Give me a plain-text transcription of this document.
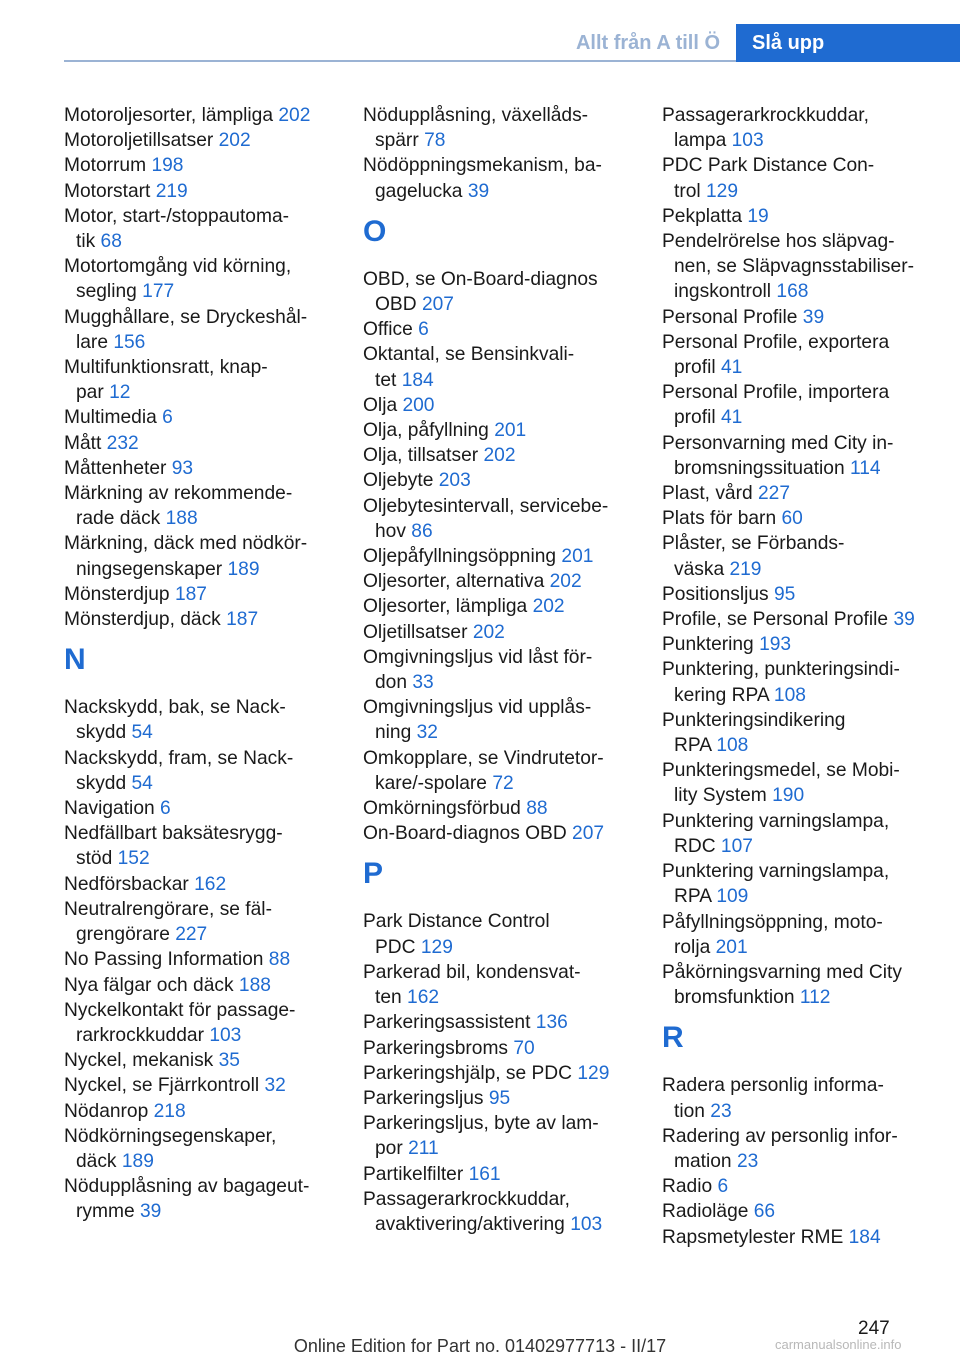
Allt från A till Ö	Slå upp
Motoroljesorter, lämpliga 202
Motoroljetillsatser 202
Motorrum 198
Motorstart 219
Motor, start-/stoppautoma-
tik 68
Motortomgång vid körning,
segling 177
Mugghållare, se Dryckeshål-
lare 156
Multifunktionsratt, knap-
par 12
Multimedia 6
Mått 232
Måttenheter 93
Märkning av rekommende-
rade däck 188
Märkning, däck med nödkör-
ningsegenskaper 189
Mönsterdjup 187
Mönsterdjup, däck 187
N
Nackskydd, bak, se Nack-
skydd 54
Nackskydd, fram, se Nack-
skydd 54
Navigation 6
Nedfällbart baksätesrygg-
stöd 152
Nedförsbackar 162
Neutralrengörare, se fäl-
grengörare 227
No Passing Information 88
Nya fälgar och däck 188
Nyckelkontakt för passage-
rarkrockkuddar 103
Nyckel, mekanisk 35
Nyckel, se Fjärrkontroll 32
Nödanrop 218
Nödkörningsegenskaper,
däck 189
Nödupplåsning av bagageut-
rymme 39
Nödupplåsning, växellåds-
spärr 78
Nödöppningsmekanism, ba-
gagelucka 39
O
OBD, se On-Board-diagnos
OBD 207
Office 6
Oktantal, se Bensinkvali-
tet 184
Olja 200
Olja, påfyllning 201
Olja, tillsatser 202
Oljebyte 203
Oljebytesintervall, servicebe-
hov 86
Oljepåfyllningsöppning 201
Oljesorter, alternativa 202
Oljesorter, lämpliga 202
Oljetillsatser 202
Omgivningsljus vid låst för-
don 33
Omgivningsljus vid upplås-
ning 32
Omkopplare, se Vindrutetor-
kare/-spolare 72
Omkörningsförbud 88
On-Board-diagnos OBD 207
P
Park Distance Control
PDC 129
Parkerad bil, kondensvat-
ten 162
Parkeringsassistent 136
Parkeringsbroms 70
Parkeringshjälp, se PDC 129
Parkeringsljus 95
Parkeringsljus, byte av lam-
por 211
Partikelfilter 161
Passagerarkrockkuddar,
avaktivering/aktivering 103
Passagerarkrockkuddar,
lampa 103
PDC Park Distance Con-
trol 129
Pekplatta 19
Pendelrörelse hos släpvag-
nen, se Släpvagnsstabiliser-
ingskontroll 168
Personal Profile 39
Personal Profile, exportera
profil 41
Personal Profile, importera
profil 41
Personvarning med City in-
bromsningssituation 114
Plast, vård 227
Plats för barn 60
Plåster, se Förbands-
väska 219
Positionsljus 95
Profile, se Personal Profile 39
Punktering 193
Punktering, punkteringsindi-
kering RPA 108
Punkteringsindikering
RPA 108
Punkteringsmedel, se Mobi-
lity System 190
Punktering varningslampa,
RDC 107
Punktering varningslampa,
RPA 109
Påfyllningsöppning, moto-
rolja 201
Påkörningsvarning med City
bromsfunktion 112
R
Radera personlig informa-
tion 23
Radering av personlig infor-
mation 23
Radio 6
Radioläge 66
Rapsmetylester RME 184
247
Online Edition for Part no. 01402977713 - II/17	carmanualsonline.info
